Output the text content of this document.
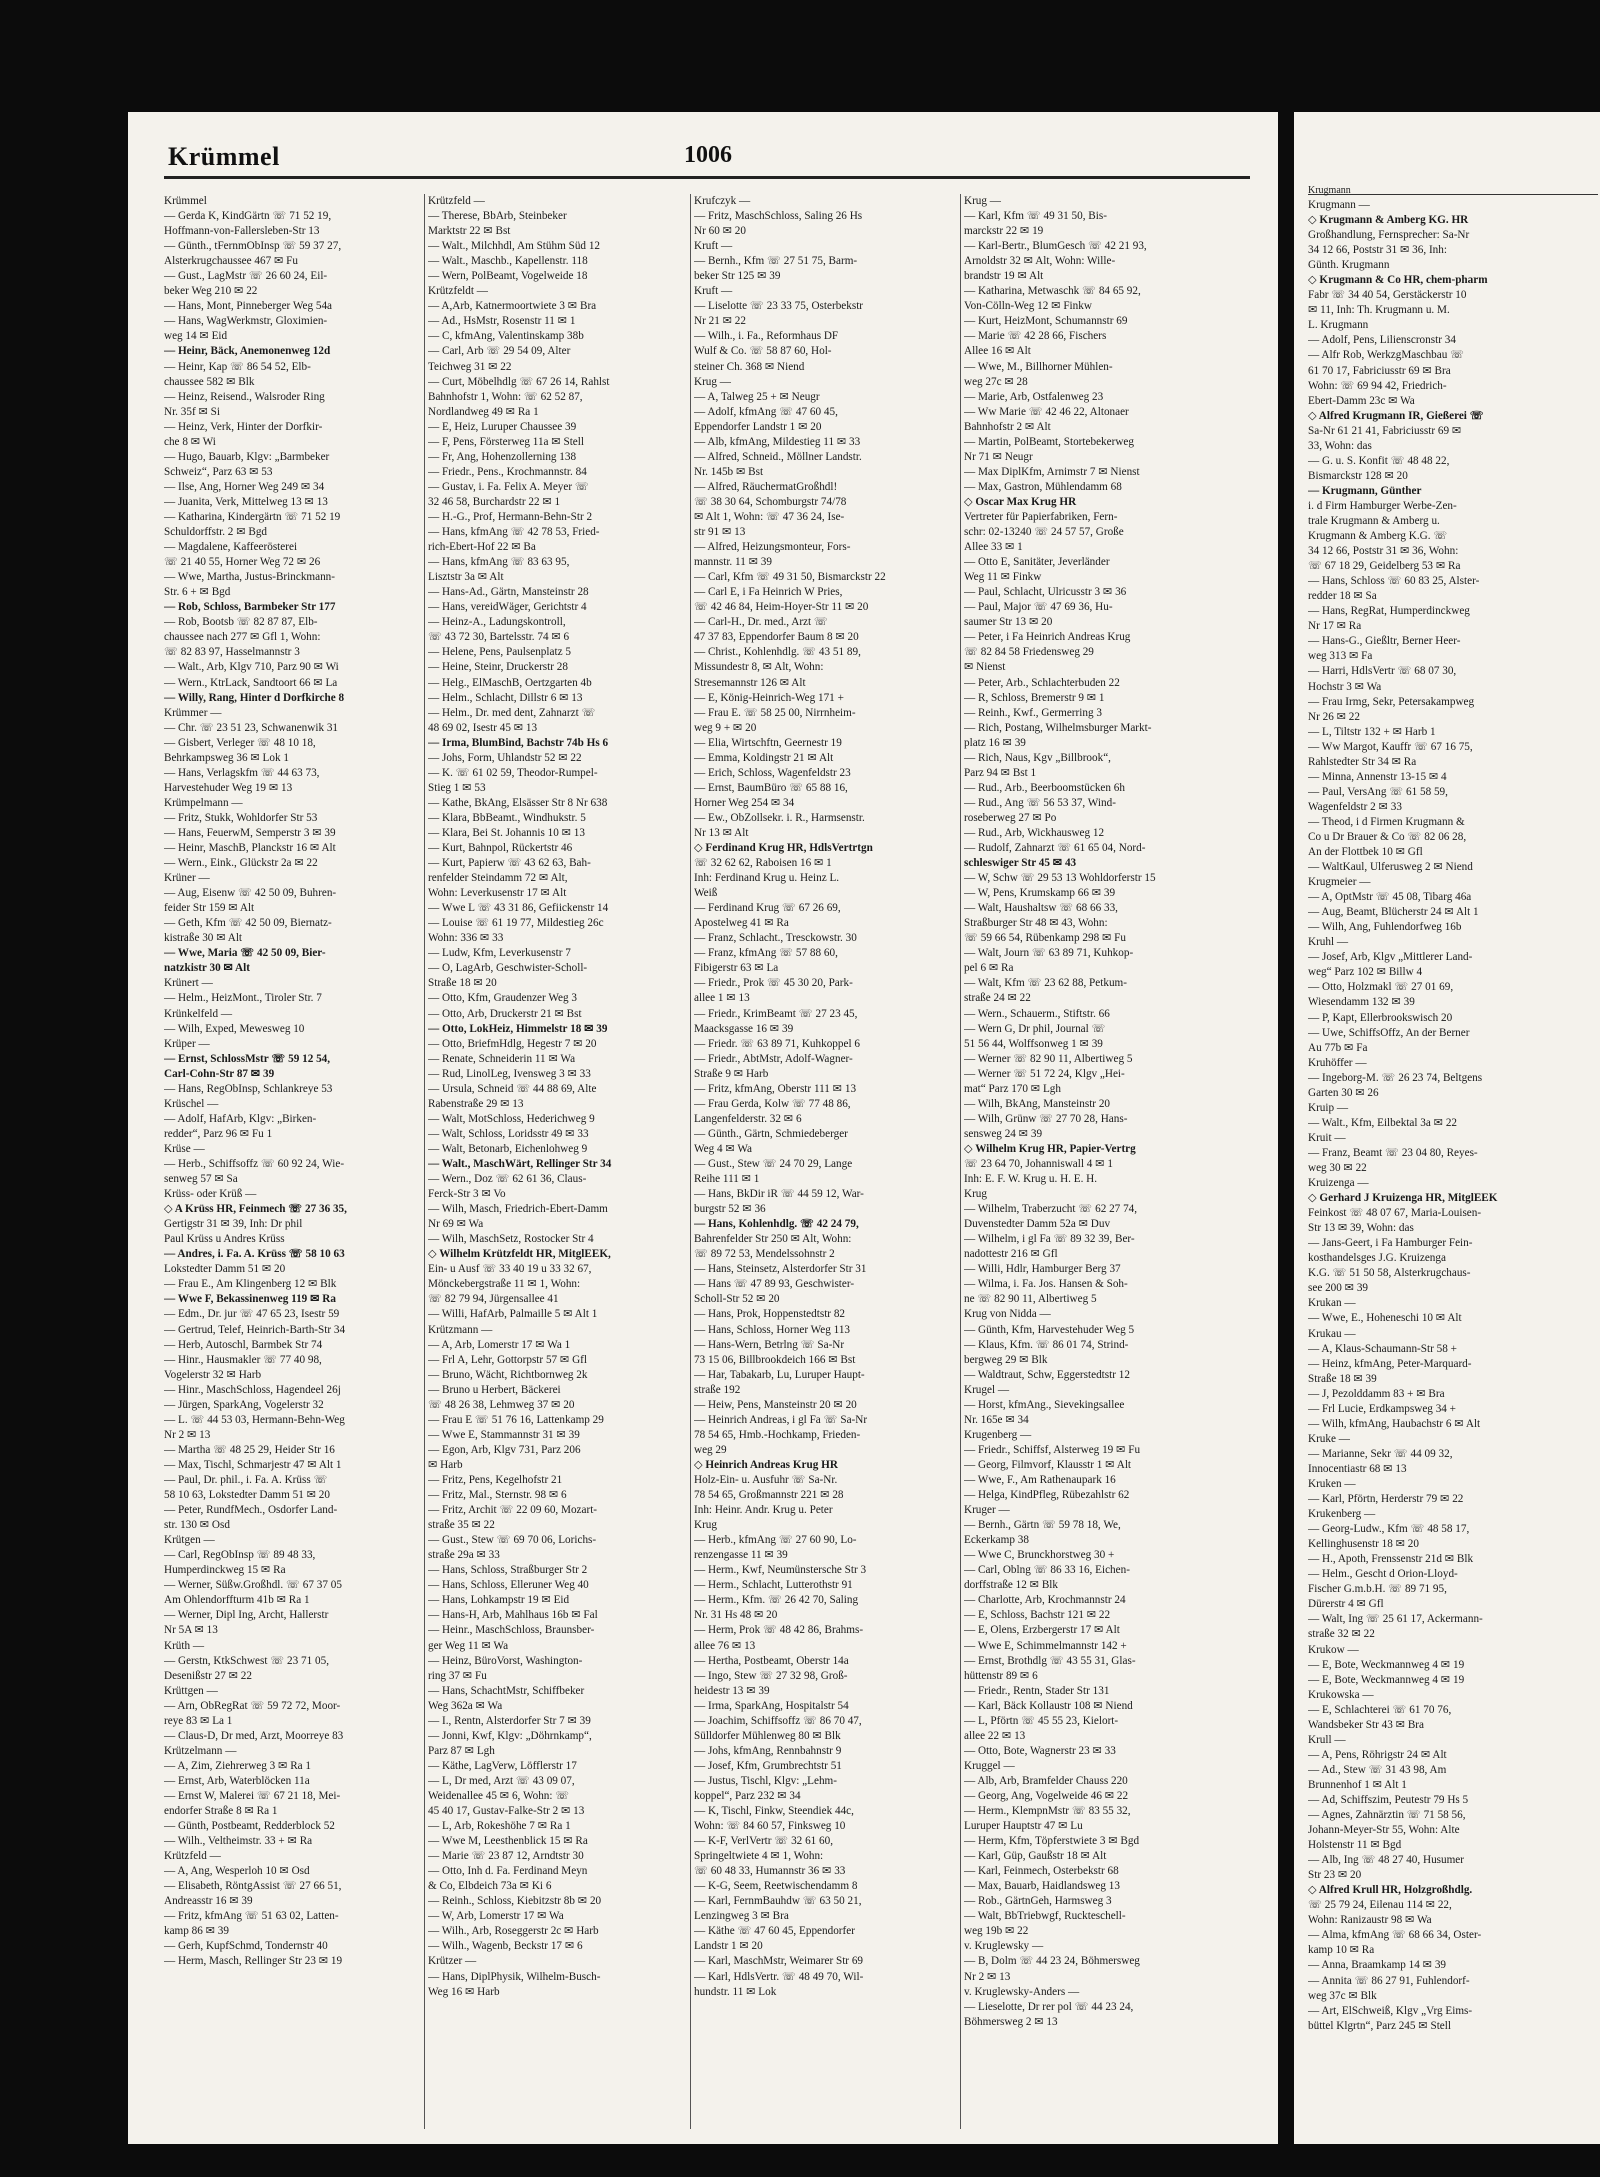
Krümmel	1006
Krümmel
— Gerda K, KindGärtn ☏ 71 52 19,
Hoffmann-von-Fallersleben-Str 13
— Günth., tFernmObInsp ☏ 59 37 27,
Alsterkrugchaussee 467 ✉ Fu
— Gust., LagMstr ☏ 26 60 24, Eil-
beker Weg 210 ✉ 22
— Hans, Mont, Pinneberger Weg 54a
— Hans, WagWerkmstr, Gloximien-
weg 14 ✉ Eid
— Heinr, Bäck, Anemonenweg 12d
— Heinr, Kap ☏ 86 54 52, Elb-
chaussee 582 ✉ Blk
— Heinz, Reisend., Walsroder Ring
Nr. 35f ✉ Si
— Heinz, Verk, Hinter der Dorfkir-
che 8 ✉ Wi
— Hugo, Bauarb, Klgv: „Barmbeker
Schweiz“, Parz 63 ✉ 53
— Ilse, Ang, Horner Weg 249 ✉ 34
— Juanita, Verk, Mittelweg 13 ✉ 13
— Katharina, Kindergärtn ☏ 71 52 19
Schuldorffstr. 2 ✉ Bgd
— Magdalene, Kaffeerösterei
☏ 21 40 55, Horner Weg 72 ✉ 26
— Wwe, Martha, Justus-Brinckmann-
Str. 6 + ✉ Bgd
— Rob, Schloss, Barmbeker Str 177
— Rob, Bootsb ☏ 82 87 87, Elb-
chaussee nach 277 ✉ Gfl 1, Wohn:
☏ 82 83 97, Hasselmannstr 3
— Walt., Arb, Klgv 710, Parz 90 ✉ Wi
— Wern., KtrLack, Sandtoort 66 ✉ La
— Willy, Rang, Hinter d Dorfkirche 8
Krümmer —
— Chr. ☏ 23 51 23, Schwanenwik 31
— Gisbert, Verleger ☏ 48 10 18,
Behrkampsweg 36 ✉ Lok 1
— Hans, Verlagskfm ☏ 44 63 73,
Harvestehuder Weg 19 ✉ 13
Krümpelmann —
— Fritz, Stukk, Wohldorfer Str 53
— Hans, FeuerwM, Semperstr 3 ✉ 39
— Heinr, MaschB, Planckstr 16 ✉ Alt
— Wern., Eink., Glückstr 2a ✉ 22
Krüner —
— Aug, Eisenw ☏ 42 50 09, Buhren-
feider Str 159 ✉ Alt
— Geth, Kfm ☏ 42 50 09, Biernatz-
kistraße 30 ✉ Alt
— Wwe, Maria ☏ 42 50 09, Bier-
natzkistr 30 ✉ Alt
Krünert —
— Helm., HeizMont., Tiroler Str. 7
Krünkelfeld —
— Wilh, Exped, Mewesweg 10
Krüper —
— Ernst, SchlossMstr ☏ 59 12 54,
Carl-Cohn-Str 87 ✉ 39
— Hans, RegObInsp, Schlankreye 53
Krüschel —
— Adolf, HafArb, Klgv: „Birken-
redder“, Parz 96 ✉ Fu 1
Krüse —
— Herb., Schiffsoffz ☏ 60 92 24, Wie-
senweg 57 ✉ Sa
Krüss- oder Krüß —
◇ A Krüss HR, Feinmech ☏ 27 36 35,
Gertigstr 31 ✉ 39, Inh: Dr phil
Paul Krüss u Andres Krüss
— Andres, i. Fa. A. Krüss ☏ 58 10 63
Lokstedter Damm 51 ✉ 20
— Frau E., Am Klingenberg 12 ✉ Blk
— Wwe F, Bekassinenweg 119 ✉ Ra
— Edm., Dr. jur ☏ 47 65 23, Isestr 59
— Gertrud, Telef, Heinrich-Barth-Str 34
— Herb, Autoschl, Barmbek Str 74
— Hinr., Hausmakler ☏ 77 40 98,
Vogelerstr 32 ✉ Harb
— Hinr., MaschSchloss, Hagendeel 26j
— Jürgen, SparkAng, Vogelerstr 32
— L. ☏ 44 53 03, Hermann-Behn-Weg
Nr 2 ✉ 13
— Martha ☏ 48 25 29, Heider Str 16
— Max, Tischl, Schmarjestr 47 ✉ Alt 1
— Paul, Dr. phil., i. Fa. A. Krüss ☏
58 10 63, Lokstedter Damm 51 ✉ 20
— Peter, RundfMech., Osdorfer Land-
str. 130 ✉ Osd
Krütgen —
— Carl, RegObInsp ☏ 89 48 33,
Humperdinckweg 15 ✉ Ra
— Werner, Süßw.Großhdl. ☏ 67 37 05
Am Ohlendorffturm 41b ✉ Ra 1
— Werner, Dipl Ing, Archt, Hallerstr
Nr 5A ✉ 13
Krüth —
— Gerstn, KtkSchwest ☏ 23 71 05,
Desenißstr 27 ✉ 22
Krüttgen —
— Arn, ObRegRat ☏ 59 72 72, Moor-
reye 83 ✉ La 1
— Claus-D, Dr med, Arzt, Moorreye 83
Krützelmann —
— A, Zim, Ziehrerweg 3 ✉ Ra 1
— Ernst, Arb, Waterblöcken 11a
— Ernst W, Malerei ☏ 67 21 18, Mei-
endorfer Straße 8 ✉ Ra 1
— Günth, Postbeamt, Redderblock 52
— Wilh., Veltheimstr. 33 + ✉ Ra
Krützfeld —
— A, Ang, Wesperloh 10 ✉ Osd
— Elisabeth, RöntgAssist ☏ 27 66 51,
Andreasstr 16 ✉ 39
— Fritz, kfmAng ☏ 51 63 02, Latten-
kamp 86 ✉ 39
— Gerh, KupfSchmd, Tondernstr 40
— Herm, Masch, Rellinger Str 23 ✉ 19
Krützfeld —
— Therese, BbArb, Steinbeker
Marktstr 22 ✉ Bst
— Walt., Milchhdl, Am Stühm Süd 12
— Walt., Maschb., Kapellenstr. 118
— Wern, PolBeamt, Vogelweide 18
Krützfeldt —
— A,Arb, Katnermoortwiete 3 ✉ Bra
— Ad., HsMstr, Rosenstr 11 ✉ 1
— C, kfmAng, Valentinskamp 38b
— Carl, Arb ☏ 29 54 09, Alter
Teichweg 31 ✉ 22
— Curt, Möbelhdlg ☏ 67 26 14, Rahlst
Bahnhofstr 1, Wohn: ☏ 62 52 87,
Nordlandweg 49 ✉ Ra 1
— E, Heiz, Luruper Chaussee 39
— F, Pens, Försterweg 11a ✉ Stell
— Fr, Ang, Hohenzollerning 138
— Friedr., Pens., Krochmannstr. 84
— Gustav, i. Fa. Felix A. Meyer ☏
32 46 58, Burchardstr 22 ✉ 1
— H.-G., Prof, Hermann-Behn-Str 2
— Hans, kfmAng ☏ 42 78 53, Fried-
rich-Ebert-Hof 22 ✉ Ba
— Hans, kfmAng ☏ 83 63 95,
Lisztstr 3a ✉ Alt
— Hans-Ad., Gärtn, Mansteinstr 28
— Hans, vereidWäger, Gerichtstr 4
— Heinz-A., Ladungskontroll,
☏ 43 72 30, Bartelsstr. 74 ✉ 6
— Helene, Pens, Paulsenplatz 5
— Heine, Steinr, Druckerstr 28
— Helg., ElMaschB, Oertzgarten 4b
— Helm., Schlacht, Dillstr 6 ✉ 13
— Helm., Dr. med dent, Zahnarzt ☏
48 69 02, Isestr 45 ✉ 13
— Irma, BlumBind, Bachstr 74b Hs 6
— Johs, Form, Uhlandstr 52 ✉ 22
— K. ☏ 61 02 59, Theodor-Rumpel-
Stieg 1 ✉ 53
— Kathe, BkAng, Elsässer Str 8 Nr 638
— Klara, BbBeamt., Windhukstr. 5
— Klara, Bei St. Johannis 10 ✉ 13
— Kurt, Bahnpol, Rückertstr 46
— Kurt, Papierw ☏ 43 62 63, Bah-
renfelder Steindamm 72 ✉ Alt,
Wohn: Leverkusenstr 17 ✉ Alt
— Wwe L ☏ 43 31 86, Gefiickenstr 14
— Louise ☏ 61 19 77, Mildestieg 26c
Wohn: 336 ✉ 33
— Ludw, Kfm, Leverkusenstr 7
— O, LagArb, Geschwister-Scholl-
Straße 18 ✉ 20
— Otto, Kfm, Graudenzer Weg 3
— Otto, Arb, Druckerstr 21 ✉ Bst
— Otto, LokHeiz, Himmelstr 18 ✉ 39
— Otto, BriefmHdlg, Hegestr 7 ✉ 20
— Renate, Schneiderin 11 ✉ Wa
— Rud, LinolLeg, Ivensweg 3 ✉ 33
— Ursula, Schneid ☏ 44 88 69, Alte
Rabenstraße 29 ✉ 13
— Walt, MotSchloss, Hederichweg 9
— Walt, Schloss, Loridsstr 49 ✉ 33
— Walt, Betonarb, Eichenlohweg 9
— Walt., MaschWärt, Rellinger Str 34
— Wern., Doz ☏ 62 61 36, Claus-
Ferck-Str 3 ✉ Vo
— Wilh, Masch, Friedrich-Ebert-Damm
Nr 69 ✉ Wa
— Wilh, MaschSetz, Rostocker Str 4
◇ Wilhelm Krützfeldt HR, MitglEEK,
Ein- u Ausf ☏ 33 40 19 u 33 32 67,
Mönckebergstraße 11 ✉ 1, Wohn:
☏ 82 79 94, Jürgensallee 41
— Willi, HafArb, Palmaille 5 ✉ Alt 1
Krützmann —
— A, Arb, Lomerstr 17 ✉ Wa 1
— Frl A, Lehr, Gottorpstr 57 ✉ Gfl
— Bruno, Wächt, Richtbornweg 2k
— Bruno u Herbert, Bäckerei
☏ 48 26 38, Lehmweg 37 ✉ 20
— Frau E ☏ 51 76 16, Lattenkamp 29
— Wwe E, Stammannstr 31 ✉ 39
— Egon, Arb, Klgv 731, Parz 206
✉ Harb
— Fritz, Pens, Kegelhofstr 21
— Fritz, Mal., Sternstr. 98 ✉ 6
— Fritz, Archit ☏ 22 09 60, Mozart-
straße 35 ✉ 22
— Gust., Stew ☏ 69 70 06, Lorichs-
straße 29a ✉ 33
— Hans, Schloss, Straßburger Str 2
— Hans, Schloss, Elleruner Weg 40
— Hans, Lohkampstr 19 ✉ Eid
— Hans-H, Arb, Mahlhaus 16b ✉ Fal
— Heinr., MaschSchloss, Braunsber-
ger Weg 11 ✉ Wa
— Heinz, BüroVorst, Washington-
ring 37 ✉ Fu
— Hans, SchachtMstr, Schiffbeker
Weg 362a ✉ Wa
— I., Rentn, Alsterdorfer Str 7 ✉ 39
— Jonni, Kwf, Klgv: „Döhrnkamp“,
Parz 87 ✉ Lgh
— Käthe, LagVerw, Löfflerstr 17
— L, Dr med, Arzt ☏ 43 09 07,
Weidenallee 45 ✉ 6, Wohn: ☏
45 40 17, Gustav-Falke-Str 2 ✉ 13
— L, Arb, Rokeshöhe 7 ✉ Ra 1
— Wwe M, Leesthenblick 15 ✉ Ra
— Marie ☏ 23 87 12, Arndtstr 30
— Otto, Inh d. Fa. Ferdinand Meyn
& Co, Elbdeich 73a ✉ Ki 6
— Reinh., Schloss, Kiebitzstr 8b ✉ 20
— W, Arb, Lomerstr 17 ✉ Wa
— Wilh., Arb, Roseggerstr 2c ✉ Harb
— Wilh., Wagenb, Beckstr 17 ✉ 6
Krützer —
— Hans, DiplPhysik, Wilhelm-Busch-
Weg 16 ✉ Harb
Krufczyk —
— Fritz, MaschSchloss, Saling 26 Hs
Nr 60 ✉ 20
Kruft —
— Bernh., Kfm ☏ 27 51 75, Barm-
beker Str 125 ✉ 39
Kruft —
— Liselotte ☏ 23 33 75, Osterbekstr
Nr 21 ✉ 22
— Wilh., i. Fa., Reformhaus DF
Wulf & Co. ☏ 58 87 60, Hol-
steiner Ch. 368 ✉ Niend
Krug —
— A, Talweg 25 + ✉ Neugr
— Adolf, kfmAng ☏ 47 60 45,
Eppendorfer Landstr 1 ✉ 20
— Alb, kfmAng, Mildestieg 11 ✉ 33
— Alfred, Schneid., Möllner Landstr.
Nr. 145b ✉ Bst
— Alfred, RäuchermatGroßhdl!
☏ 38 30 64, Schomburgstr 74/78
✉ Alt 1, Wohn: ☏ 47 36 24, Ise-
str 91 ✉ 13
— Alfred, Heizungsmonteur, Fors-
mannstr. 11 ✉ 39
— Carl, Kfm ☏ 49 31 50, Bismarckstr 22
— Carl E, i Fa Heinrich W Pries,
☏ 42 46 84, Heim-Hoyer-Str 11 ✉ 20
— Carl-H., Dr. med., Arzt ☏
47 37 83, Eppendorfer Baum 8 ✉ 20
— Christ., Kohlenhdlg. ☏ 43 51 89,
Missundestr 8, ✉ Alt, Wohn:
Stresemannstr 126 ✉ Alt
— E, König-Heinrich-Weg 171 +
— Frau E. ☏ 58 25 00, Nirrnheim-
weg 9 + ✉ 20
— Elia, Wirtschftn, Geernestr 19
— Emma, Koldingstr 21 ✉ Alt
— Erich, Schloss, Wagenfeldstr 23
— Ernst, BaumBüro ☏ 65 88 16,
Horner Weg 254 ✉ 34
— Ew., ObZollsekr. i. R., Harmsenstr.
Nr 13 ✉ Alt
◇ Ferdinand Krug HR, HdlsVertrtgn
☏ 32 62 62, Raboisen 16 ✉ 1
Inh: Ferdinand Krug u. Heinz L.
Weiß
— Ferdinand Krug ☏ 67 26 69,
Apostelweg 41 ✉ Ra
— Franz, Schlacht., Tresckowstr. 30
— Franz, kfmAng ☏ 57 88 60,
Fibigerstr 63 ✉ La
— Friedr., Prok ☏ 45 30 20, Park-
allee 1 ✉ 13
— Friedr., KrimBeamt ☏ 27 23 45,
Maacksgasse 16 ✉ 39
— Friedr. ☏ 63 89 71, Kuhkoppel 6
— Friedr., AbtMstr, Adolf-Wagner-
Straße 9 ✉ Harb
— Fritz, kfmAng, Oberstr 111 ✉ 13
— Frau Gerda, Kolw ☏ 77 48 86,
Langenfelderstr. 32 ✉ 6
— Günth., Gärtn, Schmiedeberger
Weg 4 ✉ Wa
— Gust., Stew ☏ 24 70 29, Lange
Reihe 111 ✉ 1
— Hans, BkDir iR ☏ 44 59 12, War-
burgstr 52 ✉ 36
— Hans, Kohlenhdlg. ☏ 42 24 79,
Bahrenfelder Str 250 ✉ Alt, Wohn:
☏ 89 72 53, Mendelssohnstr 2
— Hans, Steinsetz, Alsterdorfer Str 31
— Hans ☏ 47 89 93, Geschwister-
Scholl-Str 52 ✉ 20
— Hans, Prok, Hoppenstedtstr 82
— Hans, Schloss, Horner Weg 113
— Hans-Wern, Betrlng ☏ Sa-Nr
73 15 06, Billbrookdeich 166 ✉ Bst
— Har, Tabakarb, Lu, Luruper Haupt-
straße 192
— Heiw, Pens, Mansteinstr 20 ✉ 20
— Heinrich Andreas, i gl Fa ☏ Sa-Nr
78 54 65, Hmb.-Hochkamp, Frieden-
weg 29
◇ Heinrich Andreas Krug HR
Holz-Ein- u. Ausfuhr ☏ Sa-Nr.
78 54 65, Großmannstr 221 ✉ 28
Inh: Heinr. Andr. Krug u. Peter
Krug
— Herb., kfmAng ☏ 27 60 90, Lo-
renzengasse 11 ✉ 39
— Herm., Kwf, Neumünstersche Str 3
— Herm., Schlacht, Lutterothstr 91
— Herm., Kfm. ☏ 26 42 70, Saling
Nr. 31 Hs 48 ✉ 20
— Herm, Prok ☏ 48 42 86, Brahms-
allee 76 ✉ 13
— Hertha, Postbeamt, Oberstr 14a
— Ingo, Stew ☏ 27 32 98, Groß-
heidestr 13 ✉ 39
— Irma, SparkAng, Hospitalstr 54
— Joachim, Schiffsoffz ☏ 86 70 47,
Sülldorfer Mühlenweg 80 ✉ Blk
— Johs, kfmAng, Rennbahnstr 9
— Josef, Kfm, Grumbrechtstr 51
— Justus, Tischl, Klgv: „Lehm-
koppel“, Parz 232 ✉ 34
— K, Tischl, Finkw, Steendiek 44c,
Wohn: ☏ 84 60 57, Finksweg 10
— K-F, VerlVertr ☏ 32 61 60,
Springeltwiete 4 ✉ 1, Wohn:
☏ 60 48 33, Humannstr 36 ✉ 33
— K-G, Seem, Reetwischendamm 8
— Karl, FernmBauhdw ☏ 63 50 21,
Lenzingweg 3 ✉ Bra
— Käthe ☏ 47 60 45, Eppendorfer
Landstr 1 ✉ 20
— Karl, MaschMstr, Weimarer Str 69
— Karl, HdlsVertr. ☏ 48 49 70, Wil-
hundstr. 11 ✉ Lok
Krug —
— Karl, Kfm ☏ 49 31 50, Bis-
marckstr 22 ✉ 19
— Karl-Bertr., BlumGesch ☏ 42 21 93,
Arnoldstr 32 ✉ Alt, Wohn: Wille-
brandstr 19 ✉ Alt
— Katharina, Metwaschk ☏ 84 65 92,
Von-Cölln-Weg 12 ✉ Finkw
— Kurt, HeizMont, Schumannstr 69
— Marie ☏ 42 28 66, Fischers
Allee 16 ✉ Alt
— Wwe, M., Billhorner Mühlen-
weg 27c ✉ 28
— Marie, Arb, Ostfalenweg 23
— Ww Marie ☏ 42 46 22, Altonaer
Bahnhofstr 2 ✉ Alt
— Martin, PolBeamt, Stortebekerweg
Nr 71 ✉ Neugr
— Max DiplKfm, Arnimstr 7 ✉ Nienst
— Max, Gastron, Mühlendamm 68
◇ Oscar Max Krug HR
Vertreter für Papierfabriken, Fern-
schr: 02-13240 ☏ 24 57 57, Große
Allee 33 ✉ 1
— Otto E, Sanitäter, Jeverländer
Weg 11 ✉ Finkw
— Paul, Schlacht, Ulricusstr 3 ✉ 36
— Paul, Major ☏ 47 69 36, Hu-
saumer Str 13 ✉ 20
— Peter, i Fa Heinrich Andreas Krug
☏ 82 84 58 Friedensweg 29
✉ Nienst
— Peter, Arb., Schlachterbuden 22
— R, Schloss, Bremerstr 9 ✉ 1
— Reinh., Kwf., Germerring 3
— Rich, Postang, Wilhelmsburger Markt-
platz 16 ✉ 39
— Rich, Naus, Kgv „Billbrook“,
Parz 94 ✉ Bst 1
— Rud., Arb., Beerboomstücken 6h
— Rud., Ang ☏ 56 53 37, Wind-
roseberweg 27 ✉ Po
— Rud., Arb, Wickhausweg 12
— Rudolf, Zahnarzt ☏ 61 65 04, Nord-
schleswiger Str 45 ✉ 43
— W, Schw ☏ 29 53 13 Wohldorferstr 15
— W, Pens, Krumskamp 66 ✉ 39
— Walt, Haushaltsw ☏ 68 66 33,
Straßburger Str 48 ✉ 43, Wohn:
☏ 59 66 54, Rübenkamp 298 ✉ Fu
— Walt, Journ ☏ 63 89 71, Kuhkop-
pel 6 ✉ Ra
— Walt, Kfm ☏ 23 62 88, Petkum-
straße 24 ✉ 22
— Wern., Schauerm., Stiftstr. 66
— Wern G, Dr phil, Journal ☏
51 56 44, Wolffsonweg 1 ✉ 39
— Werner ☏ 82 90 11, Albertiweg 5
— Werner ☏ 51 72 24, Klgv „Hei-
mat“ Parz 170 ✉ Lgh
— Wilh, BkAng, Mansteinstr 20
— Wilh, Grünw ☏ 27 70 28, Hans-
sensweg 24 ✉ 39
◇ Wilhelm Krug HR, Papier-Vertrg
☏ 23 64 70, Johanniswall 4 ✉ 1
Inh: E. F. W. Krug u. H. E. H.
Krug
— Wilhelm, Traberzucht ☏ 62 27 74,
Duvenstedter Damm 52a ✉ Duv
— Wilhelm, i gl Fa ☏ 89 32 39, Ber-
nadottestr 216 ✉ Gfl
— Willi, Hdlr, Hamburger Berg 37
— Wilma, i. Fa. Jos. Hansen & Soh-
ne ☏ 82 90 11, Albertiweg 5
Krug von Nidda —
— Günth, Kfm, Harvestehuder Weg 5
— Klaus, Kfm. ☏ 86 01 74, Strind-
bergweg 29 ✉ Blk
— Waldtraut, Schw, Eggerstedtstr 12
Krugel —
— Horst, kfmAng., Sievekingsallee
Nr. 165e ✉ 34
Krugenberg —
— Friedr., Schiffsf, Alsterweg 19 ✉ Fu
— Georg, Filmvorf, Klausstr 1 ✉ Alt
— Wwe, F., Am Rathenaupark 16
— Helga, KindPfleg, Rübezahlstr 62
Kruger —
— Bernh., Gärtn ☏ 59 78 18, We,
Eckerkamp 38
— Wwe C, Brunckhorstweg 30 +
— Carl, Oblng ☏ 86 33 16, Eichen-
dorffstraße 12 ✉ Blk
— Charlotte, Arb, Krochmannstr 24
— E, Schloss, Bachstr 121 ✉ 22
— E, Olens, Erzbergerstr 17 ✉ Alt
— Wwe E, Schimmelmannstr 142 +
— Ernst, Brothdlg ☏ 43 55 31, Glas-
hüttenstr 89 ✉ 6
— Friedr., Rentn, Stader Str 131
— Karl, Bäck Kollaustr 108 ✉ Niend
— L, Pförtn ☏ 45 55 23, Kielort-
allee 22 ✉ 13
— Otto, Bote, Wagnerstr 23 ✉ 33
Kruggel —
— Alb, Arb, Bramfelder Chauss 220
— Georg, Ang, Vogelweide 46 ✉ 22
— Herm., KlempnMstr ☏ 83 55 32,
Luruper Hauptstr 47 ✉ Lu
— Herm, Kfm, Töpferstwiete 3 ✉ Bgd
— Karl, Güp, Gaußstr 18 ✉ Alt
— Karl, Feinmech, Osterbekstr 68
— Max, Bauarb, Haidlandsweg 13
— Rob., GärtnGeh, Harmsweg 3
— Walt, BbTriebwgf, Ruckteschell-
weg 19b ✉ 22
v. Kruglewsky —
— B, Dolm ☏ 44 23 24, Böhmersweg
Nr 2 ✉ 13
v. Kruglewsky-Anders —
— Lieselotte, Dr rer pol ☏ 44 23 24,
Böhmersweg 2 ✉ 13
Krugmann
Krugmann —
◇ Krugmann & Amberg KG. HR
Großhandlung, Fernsprecher: Sa-Nr
34 12 66, Poststr 31 ✉ 36, Inh:
Günth. Krugmann
◇ Krugmann & Co HR, chem-pharm
Fabr ☏ 34 40 54, Gerstäckerstr 10
✉ 11, Inh: Th. Krugmann u. M.
L. Krugmann
— Adolf, Pens, Lilienscronstr 34
— Alfr Rob, WerkzgMaschbau ☏
61 70 17, Fabriciusstr 69 ✉ Bra
Wohn: ☏ 69 94 42, Friedrich-
Ebert-Damm 23c ✉ Wa
◇ Alfred Krugmann IR, Gießerei ☏
Sa-Nr 61 21 41, Fabriciusstr 69 ✉
33, Wohn: das
— G. u. S. Konfit ☏ 48 48 22,
Bismarckstr 128 ✉ 20
— Krugmann, Günther
i. d Firm Hamburger Werbe-Zen-
trale Krugmann & Amberg u.
Krugmann & Amberg K.G. ☏
34 12 66, Poststr 31 ✉ 36, Wohn:
☏ 67 18 29, Geidelberg 53 ✉ Ra
— Hans, Schloss ☏ 60 83 25, Alster-
redder 18 ✉ Sa
— Hans, RegRat, Humperdinckweg
Nr 17 ✉ Ra
— Hans-G., Gießltr, Berner Heer-
weg 313 ✉ Fa
— Harri, HdlsVertr ☏ 68 07 30,
Hochstr 3 ✉ Wa
— Frau Irmg, Sekr, Petersakampweg
Nr 26 ✉ 22
— L, Tiltstr 132 + ✉ Harb 1
— Ww Margot, Kauffr ☏ 67 16 75,
Rahlstedter Str 34 ✉ Ra
— Minna, Annenstr 13-15 ✉ 4
— Paul, VersAng ☏ 61 58 59,
Wagenfeldstr 2 ✉ 33
— Theod, i d Firmen Krugmann &
Co u Dr Brauer & Co ☏ 82 06 28,
An der Flottbek 10 ✉ Gfl
— WaltKaul, Ulferusweg 2 ✉ Niend
Krugmeier —
— A, OptMstr ☏ 45 08, Tibarg 46a
— Aug, Beamt, Blücherstr 24 ✉ Alt 1
— Wilh, Ang, Fuhlendorfweg 16b
Kruhl —
— Josef, Arb, Klgv „Mittlerer Land-
weg“ Parz 102 ✉ Billw 4
— Otto, Holzmakl ☏ 27 01 69,
Wiesendamm 132 ✉ 39
— P, Kapt, Ellerbrookswisch 20
— Uwe, SchiffsOffz, An der Berner
Au 77b ✉ Fa
Kruhöffer —
— Ingeborg-M. ☏ 26 23 74, Beltgens
Garten 30 ✉ 26
Kruip —
— Walt., Kfm, Eilbektal 3a ✉ 22
Kruit —
— Franz, Beamt ☏ 23 04 80, Reyes-
weg 30 ✉ 22
Kruizenga —
◇ Gerhard J Kruizenga HR, MitglEEK
Feinkost ☏ 48 07 67, Maria-Louisen-
Str 13 ✉ 39, Wohn: das
— Jans-Geert, i Fa Hamburger Fein-
kosthandelsges J.G. Kruizenga
K.G. ☏ 51 50 58, Alsterkrugchaus-
see 200 ✉ 39
Krukan —
— Wwe, E., Hoheneschi 10 ✉ Alt
Krukau —
— A, Klaus-Schaumann-Str 58 +
— Heinz, kfmAng, Peter-Marquard-
Straße 18 ✉ 39
— J, Pezolddamm 83 + ✉ Bra
— Frl Lucie, Erdkampsweg 34 +
— Wilh, kfmAng, Haubachstr 6 ✉ Alt
Kruke —
— Marianne, Sekr ☏ 44 09 32,
Innocentiastr 68 ✉ 13
Kruken —
— Karl, Pförtn, Herderstr 79 ✉ 22
Krukenberg —
— Georg-Ludw., Kfm ☏ 48 58 17,
Kellinghusenstr 18 ✉ 20
— H., Apoth, Frenssenstr 21d ✉ Blk
— Helm., Gescht d Orion-Lloyd-
Fischer G.m.b.H. ☏ 89 71 95,
Dürerstr 4 ✉ Gfl
— Walt, Ing ☏ 25 61 17, Ackermann-
straße 32 ✉ 22
Krukow —
— E, Bote, Weckmannweg 4 ✉ 19
— E, Bote, Weckmannweg 4 ✉ 19
Krukowska —
— E, Schlachterei ☏ 61 70 76,
Wandsbeker Str 43 ✉ Bra
Krull —
— A, Pens, Röhrigstr 24 ✉ Alt
— Ad., Stew ☏ 31 43 98, Am
Brunnenhof 1 ✉ Alt 1
— Ad, Schiffszim, Peutestr 79 Hs 5
— Agnes, Zahnärztin ☏ 71 58 56,
Johann-Meyer-Str 55, Wohn: Alte
Holstenstr 11 ✉ Bgd
— Alb, Ing ☏ 48 27 40, Husumer
Str 23 ✉ 20
◇ Alfred Krull HR, Holzgroßhdlg.
☏ 25 79 24, Eilenau 114 ✉ 22,
Wohn: Ranizaustr 98 ✉ Wa
— Alma, kfmAng ☏ 68 66 34, Oster-
kamp 10 ✉ Ra
— Anna, Braamkamp 14 ✉ 39
— Annita ☏ 86 27 91, Fuhlendorf-
weg 37c ✉ Blk
— Art, ElSchweiß, Klgv „Vrg Eims-
büttel Klgrtn“, Parz 245 ✉ Stell
